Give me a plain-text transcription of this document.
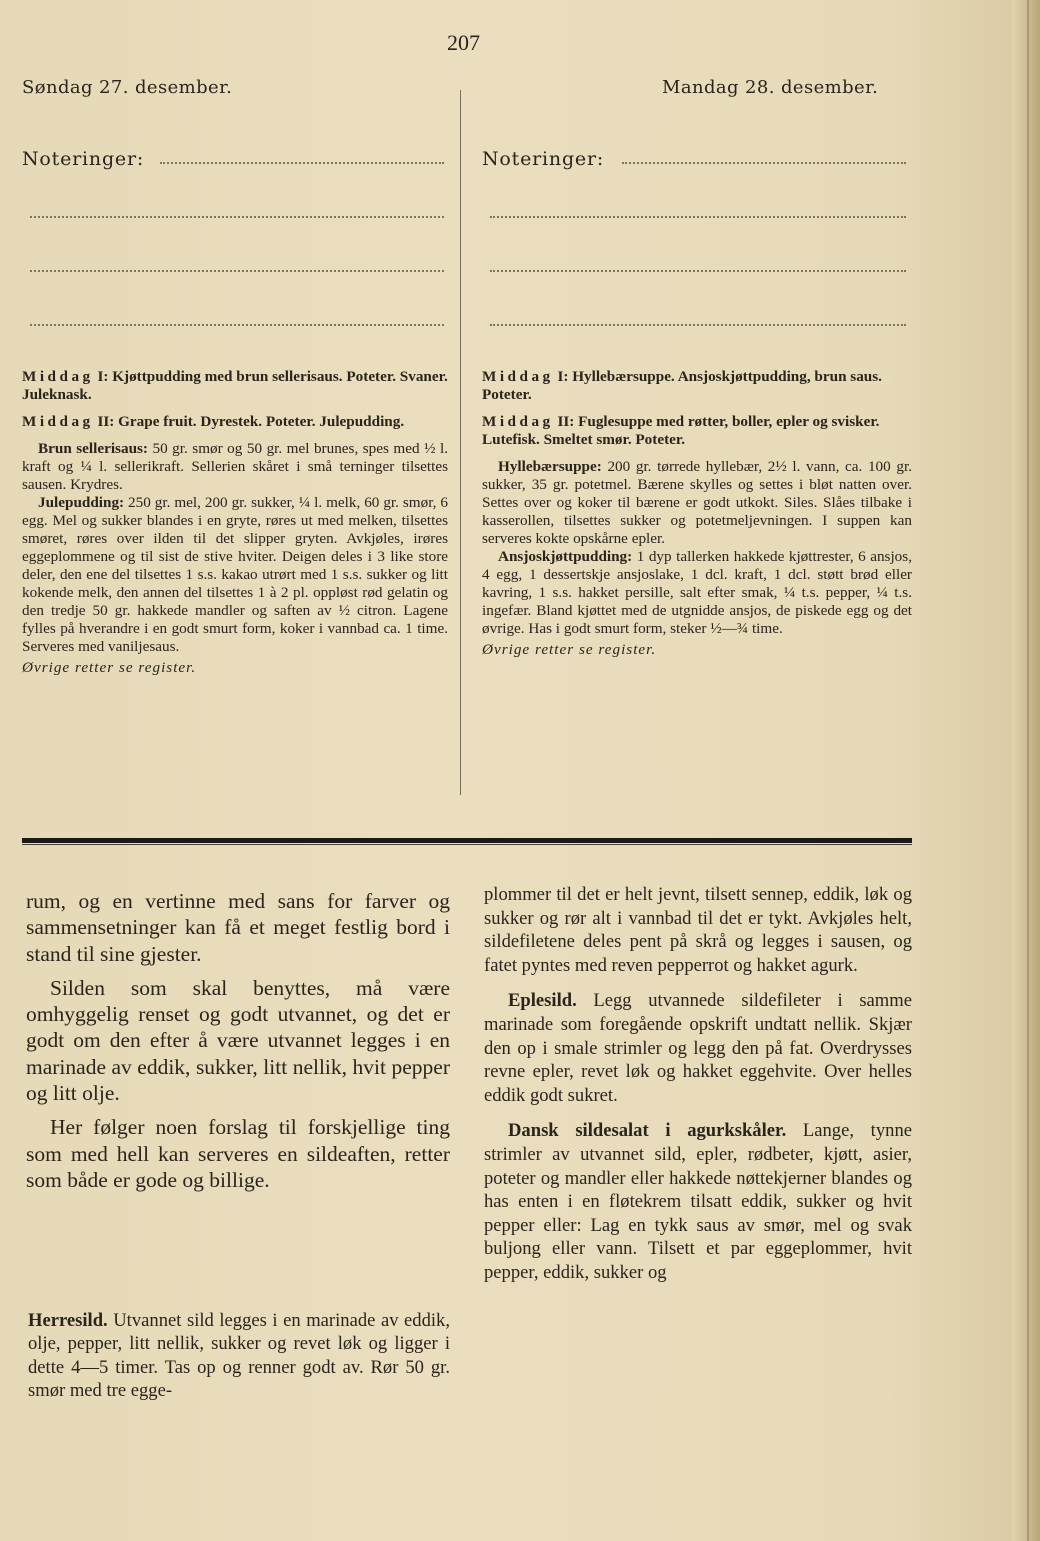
207
Søndag 27. desember.	Mandag 28. desember.
Noteringer:	Noteringer:

Middag I: Kjøttpudding med brun sellerisaus. Poteter. Svaner. Juleknask.

Middag II: Grape fruit. Dyrestek. Poteter. Julepudding.

Brun sellerisaus: 50 gr. smør og 50 gr. mel brunes, spes med ½ l. kraft og ¼ l. sellerikraft. Sellerien skåret i små terninger tilsettes sausen. Krydres.

Julepudding: 250 gr. mel, 200 gr. sukker, ¼ l. melk, 60 gr. smør, 6 egg. Mel og sukker blandes i en gryte, røres ut med melken, tilsettes smøret, røres over ilden til det slipper gryten. Avkjøles, irøres eggeplommene og til sist de stive hviter. Deigen deles i 3 like store deler, den ene del tilsettes 1 s.s. kakao utrørt med 1 s.s. sukker og litt kokende melk, den annen del tilsettes 1 à 2 pl. oppløst rød gelatin og den tredje 50 gr. hakkede mandler og saften av ½ citron. Lagene fylles på hverandre i en godt smurt form, koker i vannbad ca. 1 time. Serveres med vaniljesaus.

Øvrige retter se register.

Middag I: Hyllebærsuppe. Ansjoskjøttpudding, brun saus. Poteter.

Middag II: Fuglesuppe med røtter, boller, epler og svisker. Lutefisk. Smeltet smør. Poteter.

Hyllebærsuppe: 200 gr. tørrede hyllebær, 2½ l. vann, ca. 100 gr. sukker, 35 gr. potetmel. Bærene skylles og settes i bløt natten over. Settes over og koker til bærene er godt utkokt. Siles. Slåes tilbake i kasserollen, tilsettes sukker og potetmeljevningen. I suppen kan serveres kokte opskårne epler.

Ansjoskjøttpudding: 1 dyp tallerken hakkede kjøttrester, 6 ansjos, 4 egg, 1 dessertskje ansjoslake, 1 dcl. kraft, 1 dcl. støtt brød eller kavring, 1 s.s. hakket persille, salt efter smak, ¼ t.s. pepper, ¼ t.s. ingefær. Bland kjøttet med de utgnidde ansjos, de piskede egg og det øvrige. Has i godt smurt form, steker ½—¾ time.

Øvrige retter se register.

rum, og en vertinne med sans for farver og sammensetninger kan få et meget festlig bord i stand til sine gjester.

Silden som skal benyttes, må være omhyggelig renset og godt utvannet, og det er godt om den efter å være utvannet legges i en marinade av eddik, sukker, litt nellik, hvit pepper og litt olje.

Her følger noen forslag til forskjellige ting som med hell kan serveres en sildeaften, retter som både er gode og billige.

Herresild. Utvannet sild legges i en marinade av eddik, olje, pepper, litt nellik, sukker og revet løk og ligger i dette 4—5 timer. Tas op og renner godt av. Rør 50 gr. smør med tre egge-

plommer til det er helt jevnt, tilsett sennep, eddik, løk og sukker og rør alt i vannbad til det er tykt. Avkjøles helt, sildefiletene deles pent på skrå og legges i sausen, og fatet pyntes med reven pepperrot og hakket agurk.

Eplesild. Legg utvannede sildefileter i samme marinade som foregående opskrift undtatt nellik. Skjær den op i smale strimler og legg den på fat. Overdrysses revne epler, revet løk og hakket eggehvite. Over helles eddik godt sukret.

Dansk sildesalat i agurkskåler. Lange, tynne strimler av utvannet sild, epler, rødbeter, kjøtt, asier, poteter og mandler eller hakkede nøttekjerner blandes og has enten i en fløtekrem tilsatt eddik, sukker og hvit pepper eller: Lag en tykk saus av smør, mel og svak buljong eller vann. Tilsett et par eggeplommer, hvit pepper, eddik, sukker og
